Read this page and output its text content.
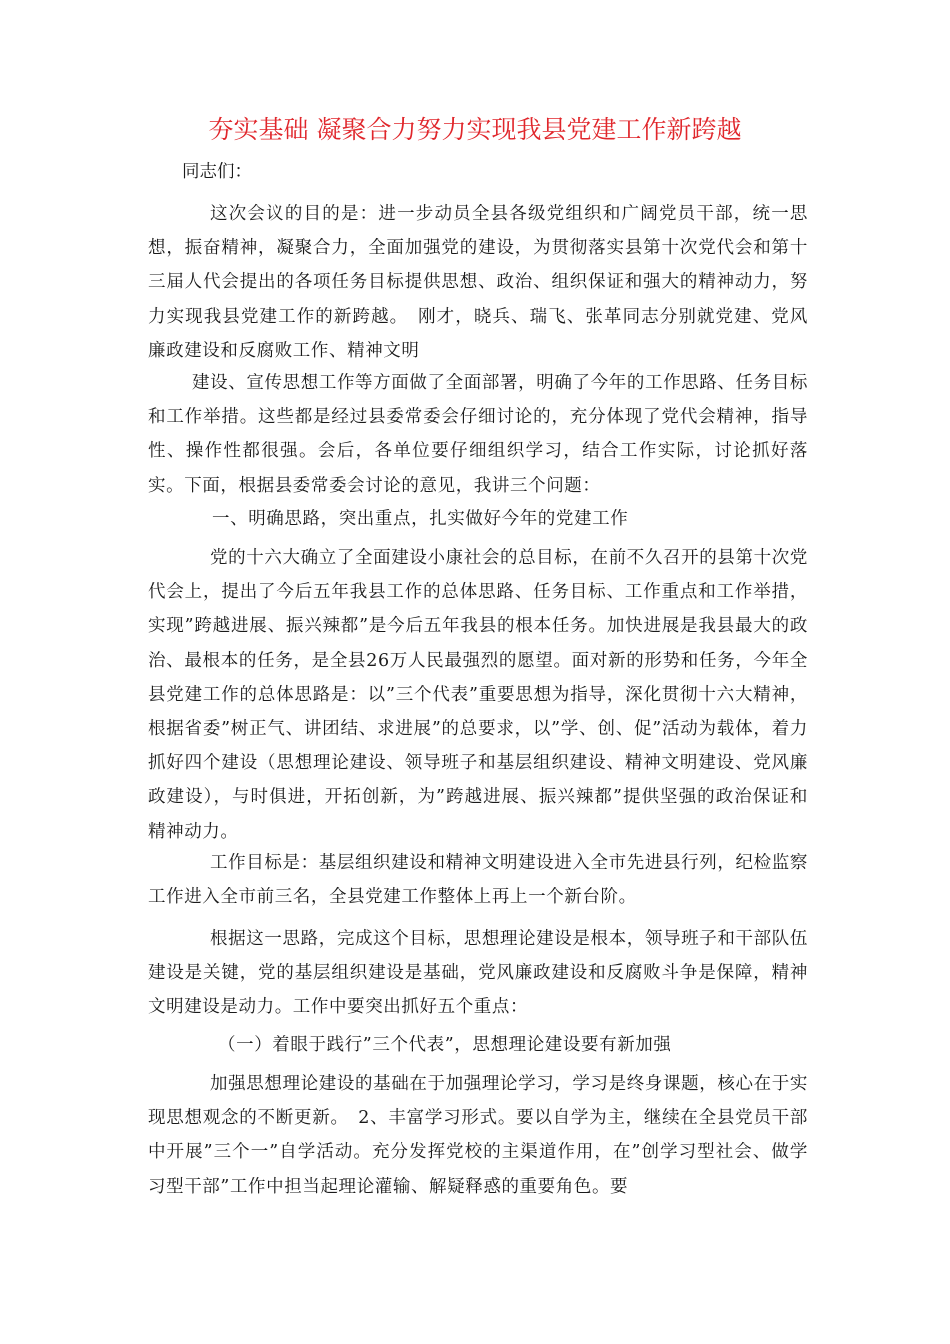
夯实基础 凝聚合力努力实现我县党建工作新跨越
同志们：
这次会议的目的是：进一步动员全县各级党组织和广阔党员干部，统一思想，振奋精神，凝聚合力，全面加强党的建设，为贯彻落实县第十次党代会和第十三届人代会提出的各项任务目标提供思想、政治、组织保证和强大的精神动力，努力实现我县党建工作的新跨越。　刚才，晓兵、瑞飞、张革同志分别就党建、党风廉政建设和反腐败工作、精神文明
建设、宣传思想工作等方面做了全面部署，明确了今年的工作思路、任务目标和工作举措。这些都是经过县委常委会仔细讨论的，充分体现了党代会精神，指导性、操作性都很强。会后，各单位要仔细组织学习，结合工作实际，讨论抓好落实。下面，根据县委常委会讨论的意见，我讲三个问题：
一、明确思路，突出重点，扎实做好今年的党建工作
党的十六大确立了全面建设小康社会的总目标，在前不久召开的县第十次党代会上，提出了今后五年我县工作的总体思路、任务目标、工作重点和工作举措，实现”跨越进展、振兴辣都”是今后五年我县的根本任务。加快进展是我县最大的政治、最根本的任务，是全县26万人民最强烈的愿望。面对新的形势和任务，今年全县党建工作的总体思路是：以”三个代表”重要思想为指导，深化贯彻十六大精神，根据省委”树正气、讲团结、求进展”的总要求，以”学、创、促”活动为载体，着力抓好四个建设（思想理论建设、领导班子和基层组织建设、精神文明建设、党风廉政建设），与时俱进，开拓创新，为”跨越进展、振兴辣都”提供坚强的政治保证和精神动力。
工作目标是：基层组织建设和精神文明建设进入全市先进县行列，纪检监察工作进入全市前三名，全县党建工作整体上再上一个新台阶。
根据这一思路，完成这个目标，思想理论建设是根本，领导班子和干部队伍建设是关键，党的基层组织建设是基础，党风廉政建设和反腐败斗争是保障，精神文明建设是动力。工作中要突出抓好五个重点：
（一）着眼于践行”三个代表”，思想理论建设要有新加强
加强思想理论建设的基础在于加强理论学习，学习是终身课题，核心在于实现思想观念的不断更新。　2、丰富学习形式。要以自学为主，继续在全县党员干部中开展”三个一”自学活动。充分发挥党校的主渠道作用，在”创学习型社会、做学习型干部”工作中担当起理论灌输、解疑释惑的重要角色。要
